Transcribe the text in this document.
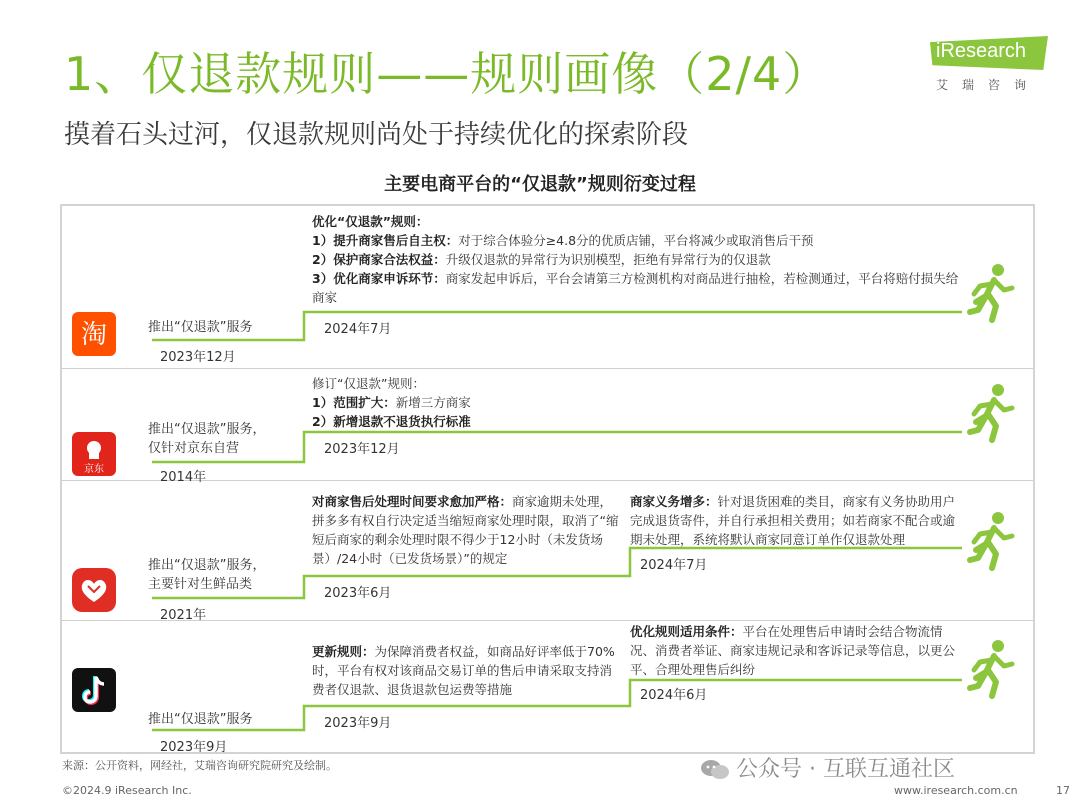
1、仅退款规则——规则画像（2/4）
摸着石头过河，仅退款规则尚处于持续优化的探索阶段
iResearch
艾瑞咨询
主要电商平台的“仅退款”规则衍变过程
淘	推出“仅退款”服务
2023年12月
优化“仅退款”规则：
1）提升商家售后自主权：对于综合体验分≥4.8分的优质店铺，平台将减少或取消售后干预
2）保护商家合法权益：升级仅退款的异常行为识别模型，拒绝有异常行为的仅退款
3）优化商家申诉环节：商家发起申诉后，平台会请第三方检测机构对商品进行抽检，若检测通过，平台将赔付损失给商家
2024年7月
京东
推出“仅退款”服务，
仅针对京东自营
2014年
修订“仅退款”规则：
1）范围扩大：新增三方商家
2）新增退款不退货执行标准
2023年12月
推出“仅退款”服务，
主要针对生鲜品类
2021年
对商家售后处理时间要求愈加严格：商家逾期未处理，拼多多有权自行决定适当缩短商家处理时限，取消了“缩短后商家的剩余处理时限不得少于12小时（未发货场景）/24小时（已发货场景）”的规定
2023年6月
商家义务增多：针对退货困难的类目，商家有义务协助用户完成退货寄件，并自行承担相关费用；如若商家不配合或逾期未处理，系统将默认商家同意订单作仅退款处理
2024年7月
推出“仅退款”服务
2023年9月
更新规则：为保障消费者权益，如商品好评率低于70%时，平台有权对该商品交易订单的售后申请采取支持消费者仅退款、退货退款包运费等措施
2023年9月
优化规则适用条件：平台在处理售后申请时会结合物流情况、消费者举证、商家违规记录和客诉记录等信息，以更公平、合理处理售后纠纷
2024年6月
来源：公开资料，网经社，艾瑞咨询研究院研究及绘制。	公众号 · 互联互通社区
©2024.9 iResearch Inc.	www.iresearch.com.cn	17
